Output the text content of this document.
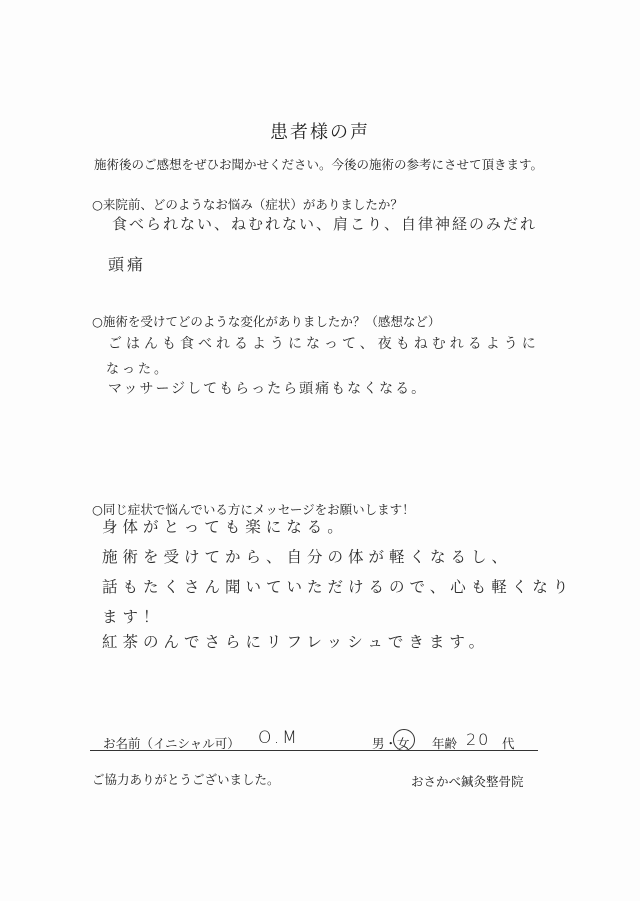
患者様の声
施術後のご感想をぜひお聞かせください。今後の施術の参考にさせて頂きます。
○来院前、どのようなお悩み（症状）がありましたか？
食べられない、ねむれない、肩こり、自律神経のみだれ
頭痛
○施術を受けてどのような変化がありましたか？（感想など）
ごはんも食べれるようになって、夜もねむれるように
なった。
マッサージしてもらったら頭痛もなくなる。
○同じ症状で悩んでいる方にメッセージをお願いします！
身体がとっても楽になる。
施術を受けてから、自分の体が軽くなるし、
話もたくさん聞いていただけるので、心も軽くなり
ます！
紅茶のんでさらにリフレッシュできます。
お名前（イニシャル可） O.M	男・女 年齢 20 代
ご協力ありがとうございました。	おさかべ鍼灸整骨院
